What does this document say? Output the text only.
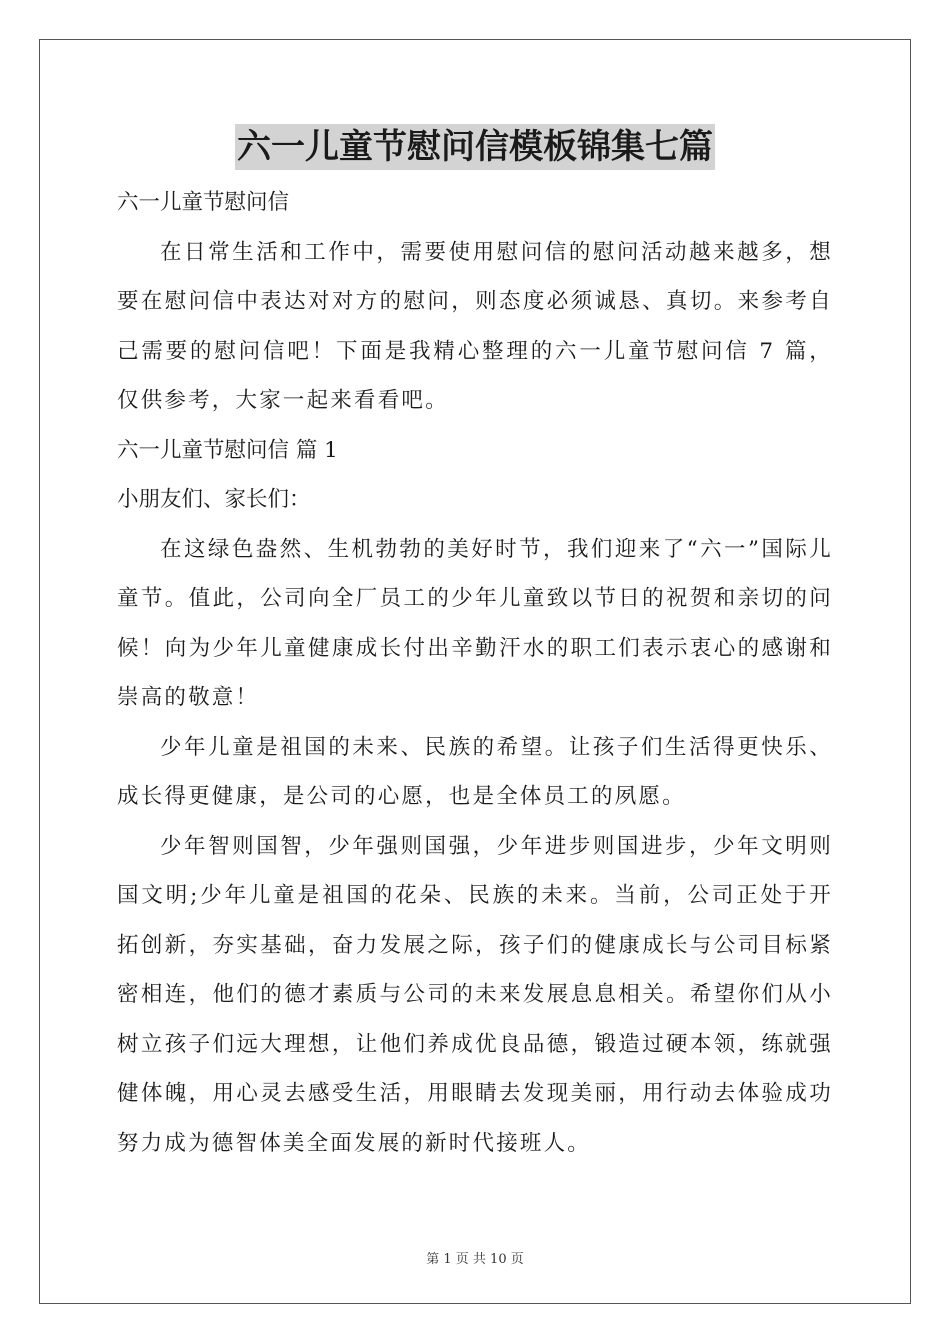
六一儿童节慰问信模板锦集七篇

六一儿童节慰问信

在日常生活和工作中，需要使用慰问信的慰问活动越来越多，想要在慰问信中表达对对方的慰问，则态度必须诚恳、真切。来参考自己需要的慰问信吧！下面是我精心整理的六一儿童节慰问信 7 篇，仅供参考，大家一起来看看吧。

六一儿童节慰问信 篇 1

小朋友们、家长们：

在这绿色盎然、生机勃勃的美好时节，我们迎来了“六一”国际儿童节。值此，公司向全厂员工的少年儿童致以节日的祝贺和亲切的问候！向为少年儿童健康成长付出辛勤汗水的职工们表示衷心的感谢和崇高的敬意！

少年儿童是祖国的未来、民族的希望。让孩子们生活得更快乐、成长得更健康，是公司的心愿，也是全体员工的夙愿。

少年智则国智，少年强则国强，少年进步则国进步，少年文明则国文明;少年儿童是祖国的花朵、民族的未来。当前，公司正处于开拓创新，夯实基础，奋力发展之际，孩子们的健康成长与公司目标紧密相连，他们的德才素质与公司的未来发展息息相关。希望你们从小树立孩子们远大理想，让他们养成优良品德，锻造过硬本领，练就强健体魄，用心灵去感受生活，用眼睛去发现美丽，用行动去体验成功努力成为德智体美全面发展的新时代接班人。

第 1 页 共 10 页
